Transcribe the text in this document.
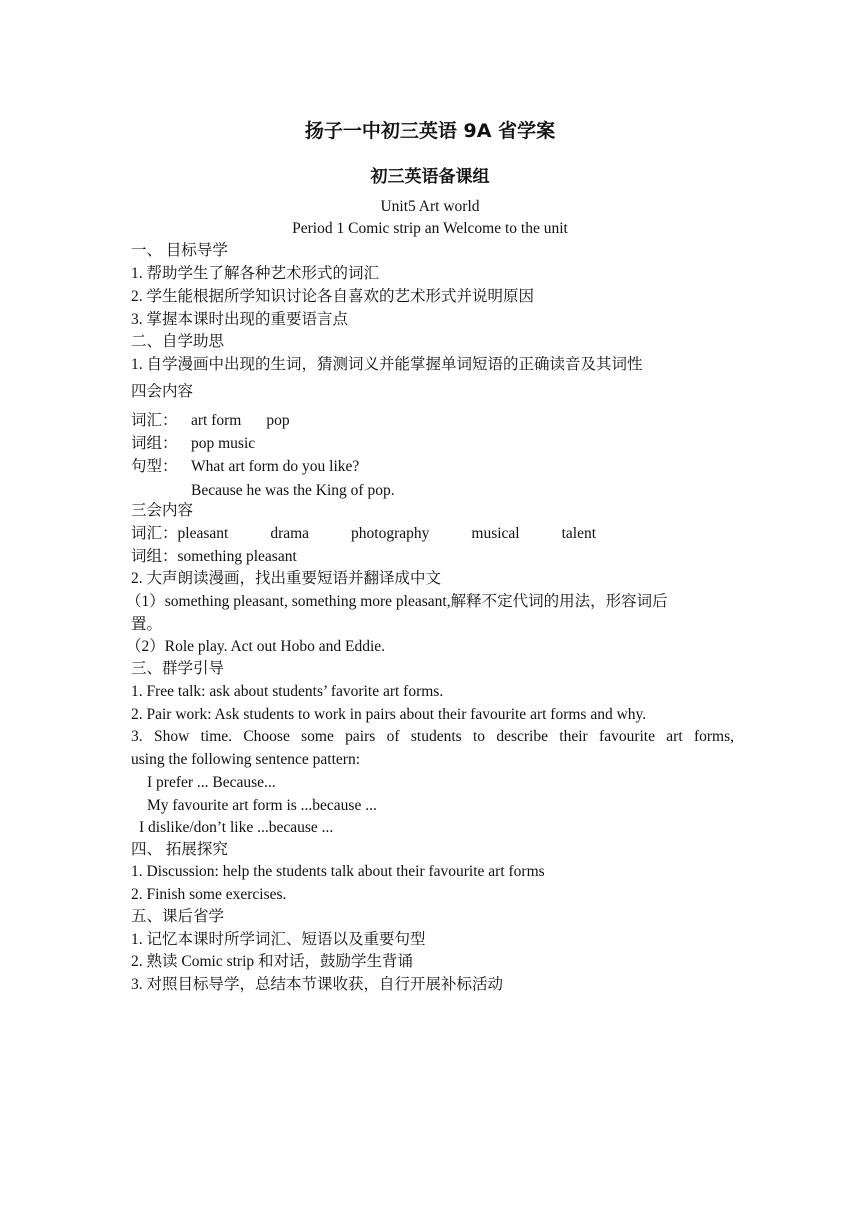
扬子一中初三英语 9A 省学案
初三英语备课组
Unit5 Art world
Period 1 Comic strip an Welcome to the unit
一、 目标导学
1. 帮助学生了解各种艺术形式的词汇
2. 学生能根据所学知识讨论各自喜欢的艺术形式并说明原因
3. 掌握本课时出现的重要语言点
二、自学助思
1. 自学漫画中出现的生词，猜测词义并能掌握单词短语的正确读音及其词性
四会内容
词汇： art form pop
词组： pop music
句型： What art form do you like?
Because he was the King of pop.
三会内容
词汇：pleasant	drama	photography	musical	talent
词组：something pleasant
2. 大声朗读漫画，找出重要短语并翻译成中文
（1）something pleasant, something more pleasant,解释不定代词的用法，形容词后
置。
（2）Role play. Act out Hobo and Eddie.
三、群学引导
1. Free talk: ask about students’ favorite art forms.
2. Pair work: Ask students to work in pairs about their favourite art forms and why.
3. Show time. Choose some pairs of students to describe their favourite art forms,
using the following sentence pattern:
I prefer ... Because...
My favourite art form is ...because ...
I dislike/don’t like ...because ...
四、 拓展探究
1. Discussion: help the students talk about their favourite art forms
2. Finish some exercises.
五、课后省学
1. 记忆本课时所学词汇、短语以及重要句型
2. 熟读 Comic strip 和对话，鼓励学生背诵
3. 对照目标导学，总结本节课收获，自行开展补标活动
